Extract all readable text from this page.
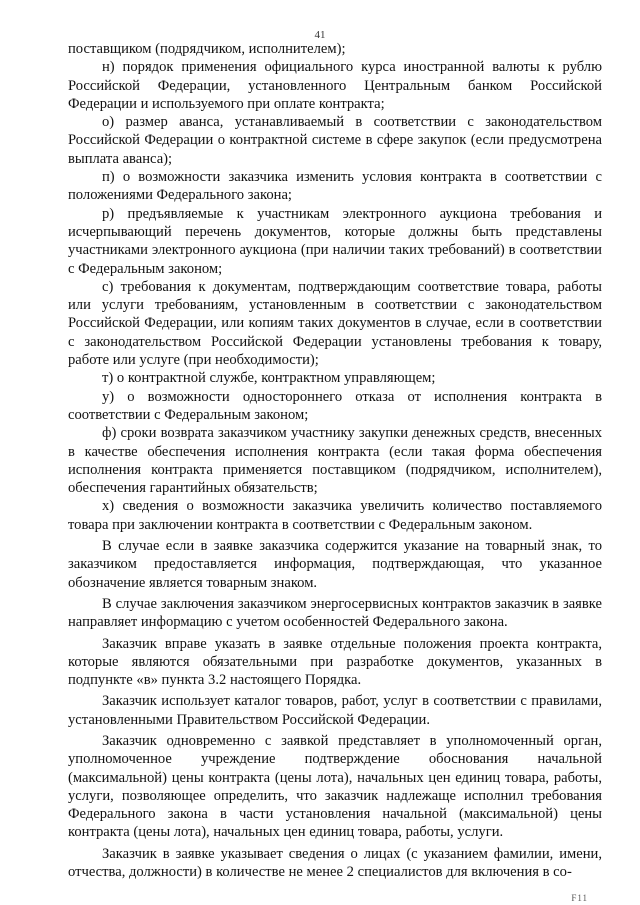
41

поставщиком (подрядчиком, исполнителем);

н) порядок применения официального курса иностранной валюты к рублю Российской Федерации, установленного Центральным банком Российской Федерации и используемого при оплате контракта;

о) размер аванса, устанавливаемый в соответствии с законодательством Российской Федерации о контрактной системе в сфере закупок (если предусмотрена выплата аванса);

п) о возможности заказчика изменить условия контракта в соответствии с положениями Федерального закона;

р) предъявляемые к участникам электронного аукциона требования и исчерпывающий перечень документов, которые должны быть представлены участниками электронного аукциона (при наличии таких требований) в соответствии с Федеральным законом;

с) требования к документам, подтверждающим соответствие товара, работы или услуги требованиям, установленным в соответствии с законодательством Российской Федерации, или копиям таких документов в случае, если в соответствии с законодательством Российской Федерации установлены требования к товару, работе или услуге (при необходимости);

т) о контрактной службе, контрактном управляющем;

у) о возможности одностороннего отказа от исполнения контракта в соответствии с Федеральным законом;

ф) сроки возврата заказчиком участнику закупки денежных средств, внесенных в качестве обеспечения исполнения контракта (если такая форма обеспечения исполнения контракта применяется поставщиком (подрядчиком, исполнителем), обеспечения гарантийных обязательств;

х) сведения о возможности заказчика увеличить количество поставляемого товара при заключении контракта в соответствии с Федеральным законом.

В случае если в заявке заказчика содержится указание на товарный знак, то заказчиком предоставляется информация, подтверждающая, что указанное обозначение является товарным знаком.

В случае заключения заказчиком энергосервисных контрактов заказчик в заявке направляет информацию с учетом особенностей Федерального закона.

Заказчик вправе указать в заявке отдельные положения проекта контракта, которые являются обязательными при разработке документов, указанных в подпункте «в» пункта 3.2 настоящего Порядка.

Заказчик использует каталог товаров, работ, услуг в соответствии с правилами, установленными Правительством Российской Федерации.

Заказчик одновременно с заявкой представляет в уполномоченный орган, уполномоченное учреждение подтверждение обоснования начальной (максимальной) цены контракта (цены лота), начальных цен единиц товара, работы, услуги, позволяющее определить, что заказчик надлежаще исполнил требования Федерального закона в части установления начальной (максимальной) цены контракта (цены лота), начальных цен единиц товара, работы, услуги.

Заказчик в заявке указывает сведения о лицах (с указанием фамилии, имени, отчества, должности) в количестве не менее 2 специалистов для включения в со-

F11
